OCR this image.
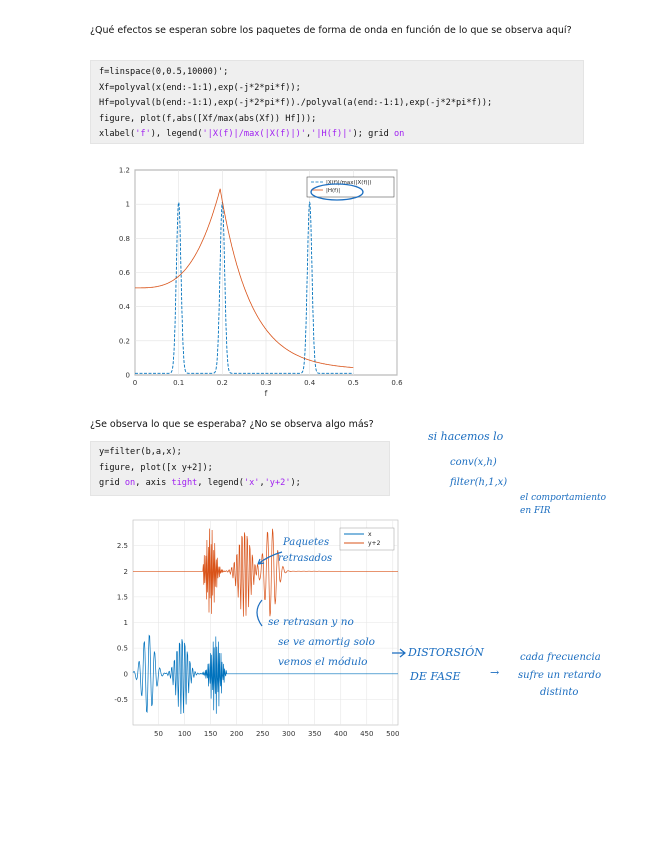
¿Qué efectos se esperan sobre los paquetes de forma de onda en función de lo que se observa aquí?
f=linspace(0,0.5,10000)';
Xf=polyval(x(end:-1:1),exp(-j*2*pi*f));
Hf=polyval(b(end:-1:1),exp(-j*2*pi*f))./polyval(a(end:-1:1),exp(-j*2*pi*f));
figure, plot(f,abs([Xf/max(abs(Xf)) Hf]));
xlabel('f'), legend('|X(f)|/max(|X(f)|)','|H(f)|'); grid on
0	0.1	0.2	0.3	0.4	0.5	0.6
0
0.2
0.4
0.6
0.8
1
1.2
f
|X(f)|/max(|X(f)|)
|H(f)|
¿Se observa lo que se esperaba? ¿No se observa algo más?
y=filter(b,a,x);
figure, plot([x y+2]);
grid on, axis tight, legend('x','y+2');
50 100 150 200 250 300 350 400 450 500
-0.5
0
0.5
1
1.5
2
2.5
x
y+2
si hacemos lo
conv(x,h)
filter(h,1,x)
el comportamiento
en FIR
Paquetes
retrasados
se retrasan y no
se ve amortig solo
vemos el módulo
DISTORSIÓN
DE FASE	→
cada frecuencia
sufre un retardo
distinto
